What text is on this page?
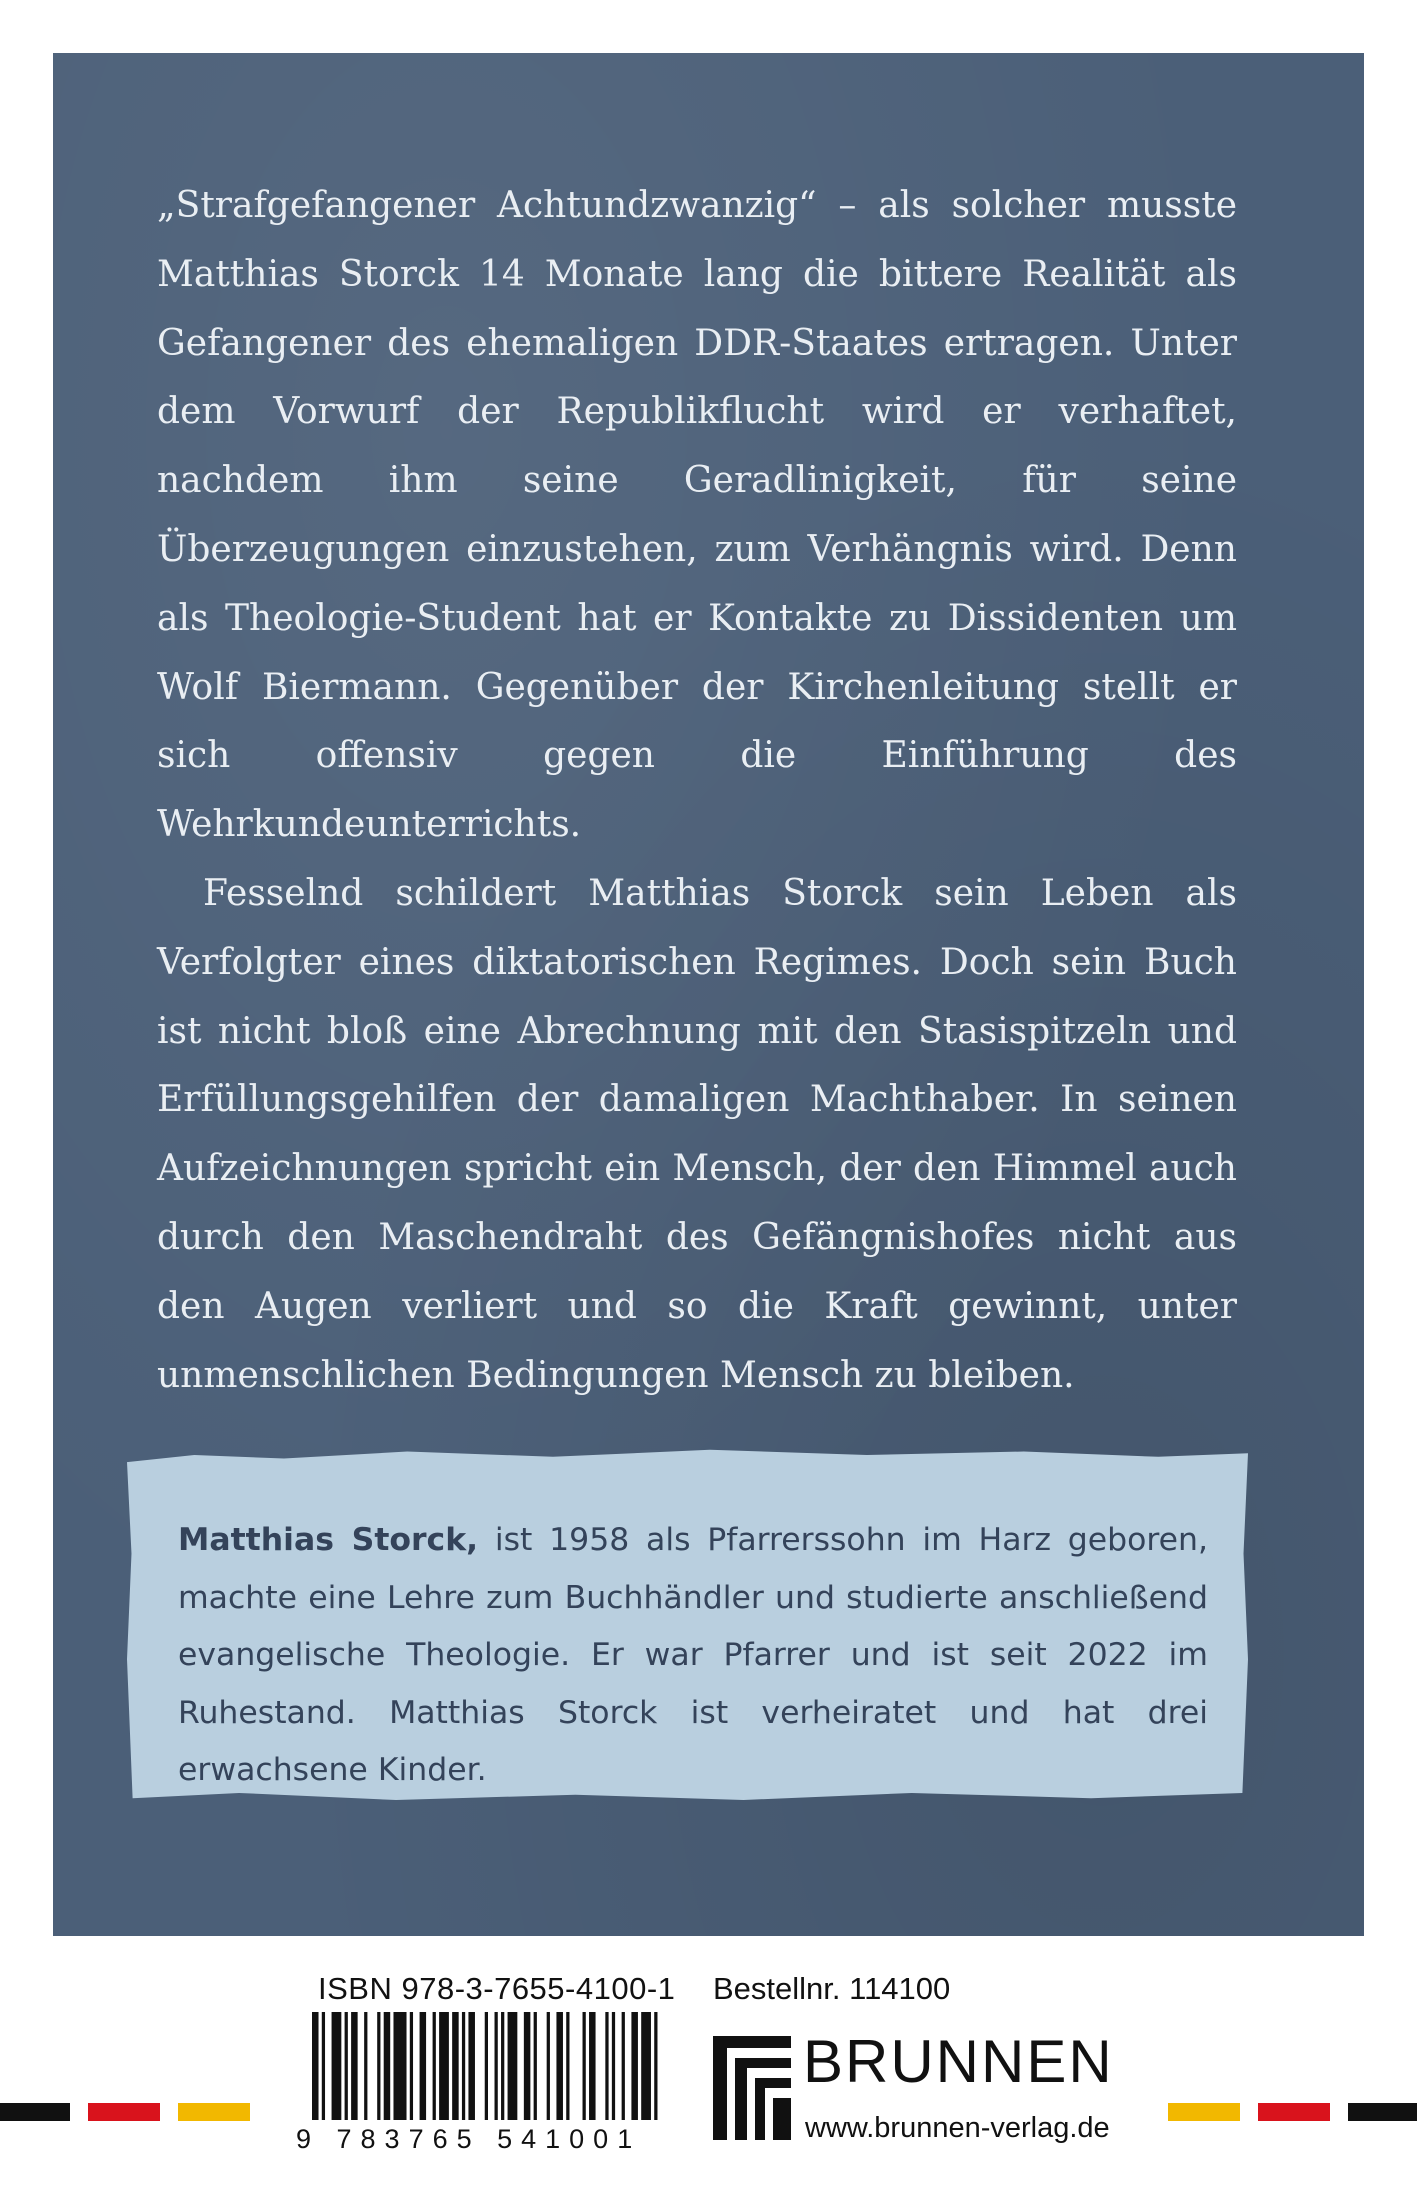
„Strafgefangener Achtundzwanzig“ – als solcher musste Matthias Storck 14 Monate lang die bittere Realität als Gefangener des ehemaligen DDR-Staates ertragen. Unter dem Vorwurf der Republikflucht wird er verhaftet, nachdem ihm seine Geradlinigkeit, für seine Überzeugungen einzustehen, zum Verhängnis wird. Denn als Theologie-Student hat er Kontakte zu Dissidenten um Wolf Biermann. Gegenüber der Kirchenleitung stellt er sich offensiv gegen die Einführung des Wehrkundeunterrichts.

Fesselnd schildert Matthias Storck sein Leben als Verfolgter eines diktatorischen Regimes. Doch sein Buch ist nicht bloß eine Abrechnung mit den Stasispitzeln und Erfüllungsgehilfen der damaligen Machthaber. In seinen Aufzeichnungen spricht ein Mensch, der den Himmel auch durch den Maschendraht des Gefängnishofes nicht aus den Augen verliert und so die Kraft gewinnt, unter unmenschlichen Bedingungen Mensch zu bleiben.

Matthias Storck, ist 1958 als Pfarrerssohn im Harz geboren, machte eine Lehre zum Buchhändler und studierte anschließend evangelische Theologie. Er war Pfarrer und ist seit 2022 im Ruhestand. Matthias Storck ist verheiratet und hat drei erwachsene Kinder.

ISBN 978-3-7655-4100-1
9 783765 541001
Bestellnr. 114100
BRUNNEN
www.brunnen-verlag.de
